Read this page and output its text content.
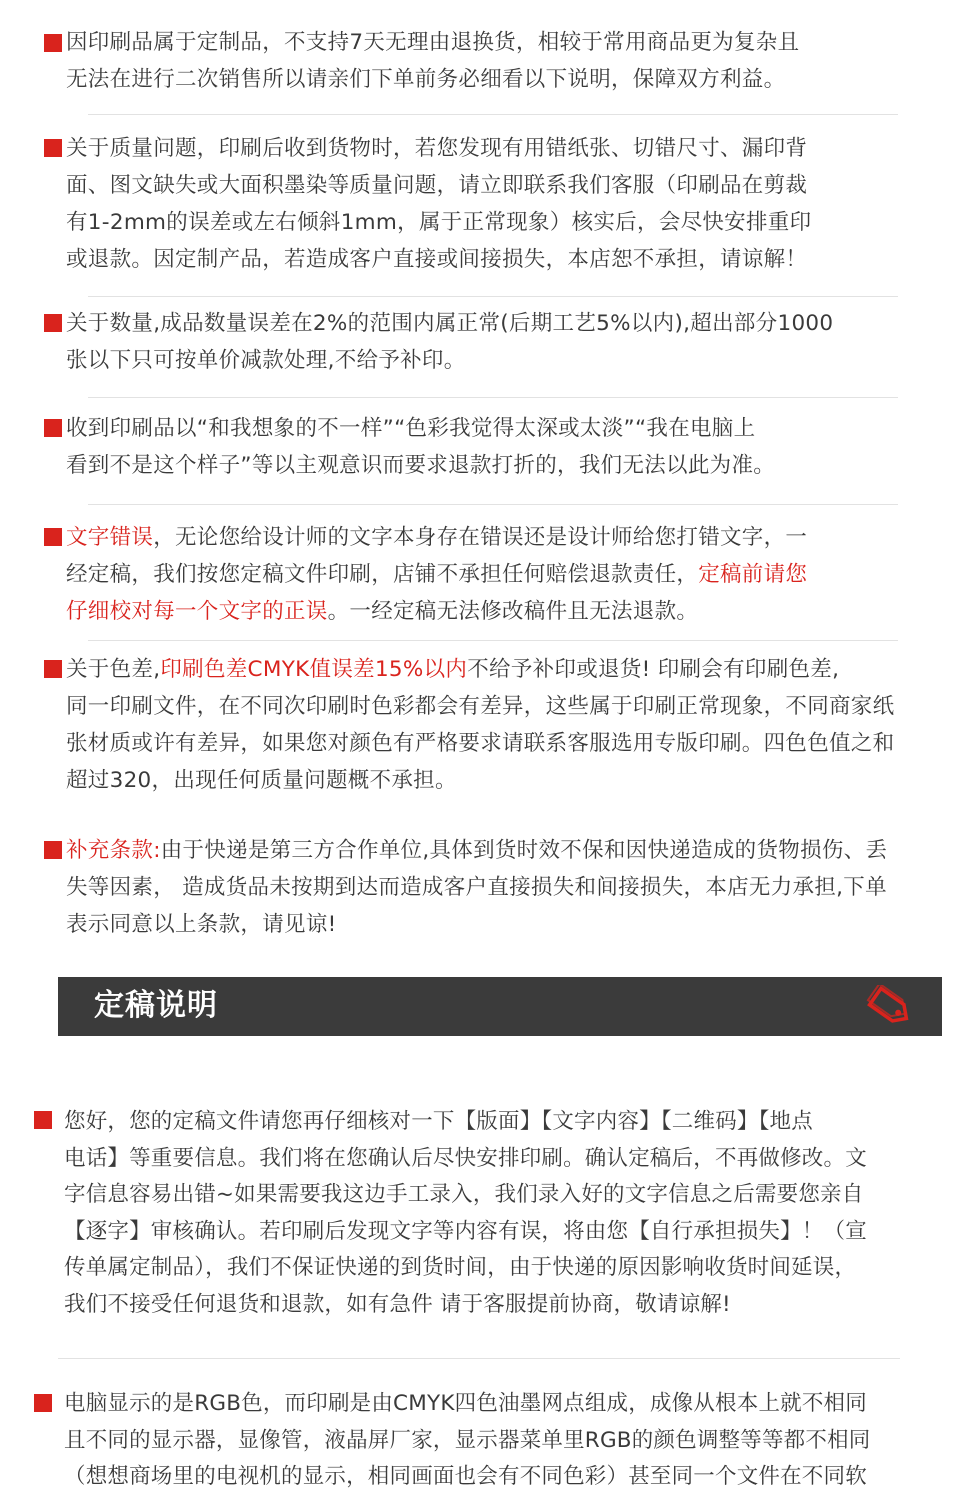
因印刷品属于定制品，不支持7天无理由退换货，相较于常用商品更为复杂且
无法在进行二次销售所以请亲们下单前务必细看以下说明，保障双方利益。
关于质量问题，印刷后收到货物时，若您发现有用错纸张、切错尺寸、漏印背
面、图文缺失或大面积墨染等质量问题，请立即联系我们客服（印刷品在剪裁
有1-2mm的误差或左右倾斜1mm，属于正常现象）核实后，会尽快安排重印
或退款。因定制产品，若造成客户直接或间接损失，本店恕不承担，请谅解！
关于数量,成品数量误差在2%的范围内属正常(后期工艺5%以内),超出部分1000
张以下只可按单价减款处理,不给予补印。
收到印刷品以“和我想象的不一样”“色彩我觉得太深或太淡”“我在电脑上
看到不是这个样子”等以主观意识而要求退款打折的，我们无法以此为准。
文字错误，无论您给设计师的文字本身存在错误还是设计师给您打错文字，一
经定稿，我们按您定稿文件印刷，店铺不承担任何赔偿退款责任，定稿前请您
仔细校对每一个文字的正误。一经定稿无法修改稿件且无法退款。
关于色差,印刷色差CMYK值误差15%以内不给予补印或退货! 印刷会有印刷色差,
同一印刷文件，在不同次印刷时色彩都会有差异，这些属于印刷正常现象，不同商家纸
张材质或许有差异，如果您对颜色有严格要求请联系客服选用专版印刷。四色色值之和
超过320，出现任何质量问题概不承担。
补充条款:由于快递是第三方合作单位,具体到货时效不保和因快递造成的货物损伤、丢
失等因素， 造成货品未按期到达而造成客户直接损失和间接损失，本店无力承担,下单
表示同意以上条款，请见谅!
定稿说明
您好，您的定稿文件请您再仔细核对一下【版面】【文字内容】【二维码】【地点
电话】等重要信息。我们将在您确认后尽快安排印刷。确认定稿后，不再做修改。文
字信息容易出错~如果需要我这边手工录入，我们录入好的文字信息之后需要您亲自
【逐字】审核确认。若印刷后发现文字等内容有误，将由您【自行承担损失】！（宣
传单属定制品），我们不保证快递的到货时间，由于快递的原因影响收货时间延误，
我们不接受任何退货和退款，如有急件 请于客服提前协商，敬请谅解!
电脑显示的是RGB色，而印刷是由CMYK四色油墨网点组成，成像从根本上就不相同
且不同的显示器，显像管，液晶屏厂家，显示器菜单里RGB的颜色调整等等都不相同
（想想商场里的电视机的显示，相同画面也会有不同色彩）甚至同一个文件在不同软
